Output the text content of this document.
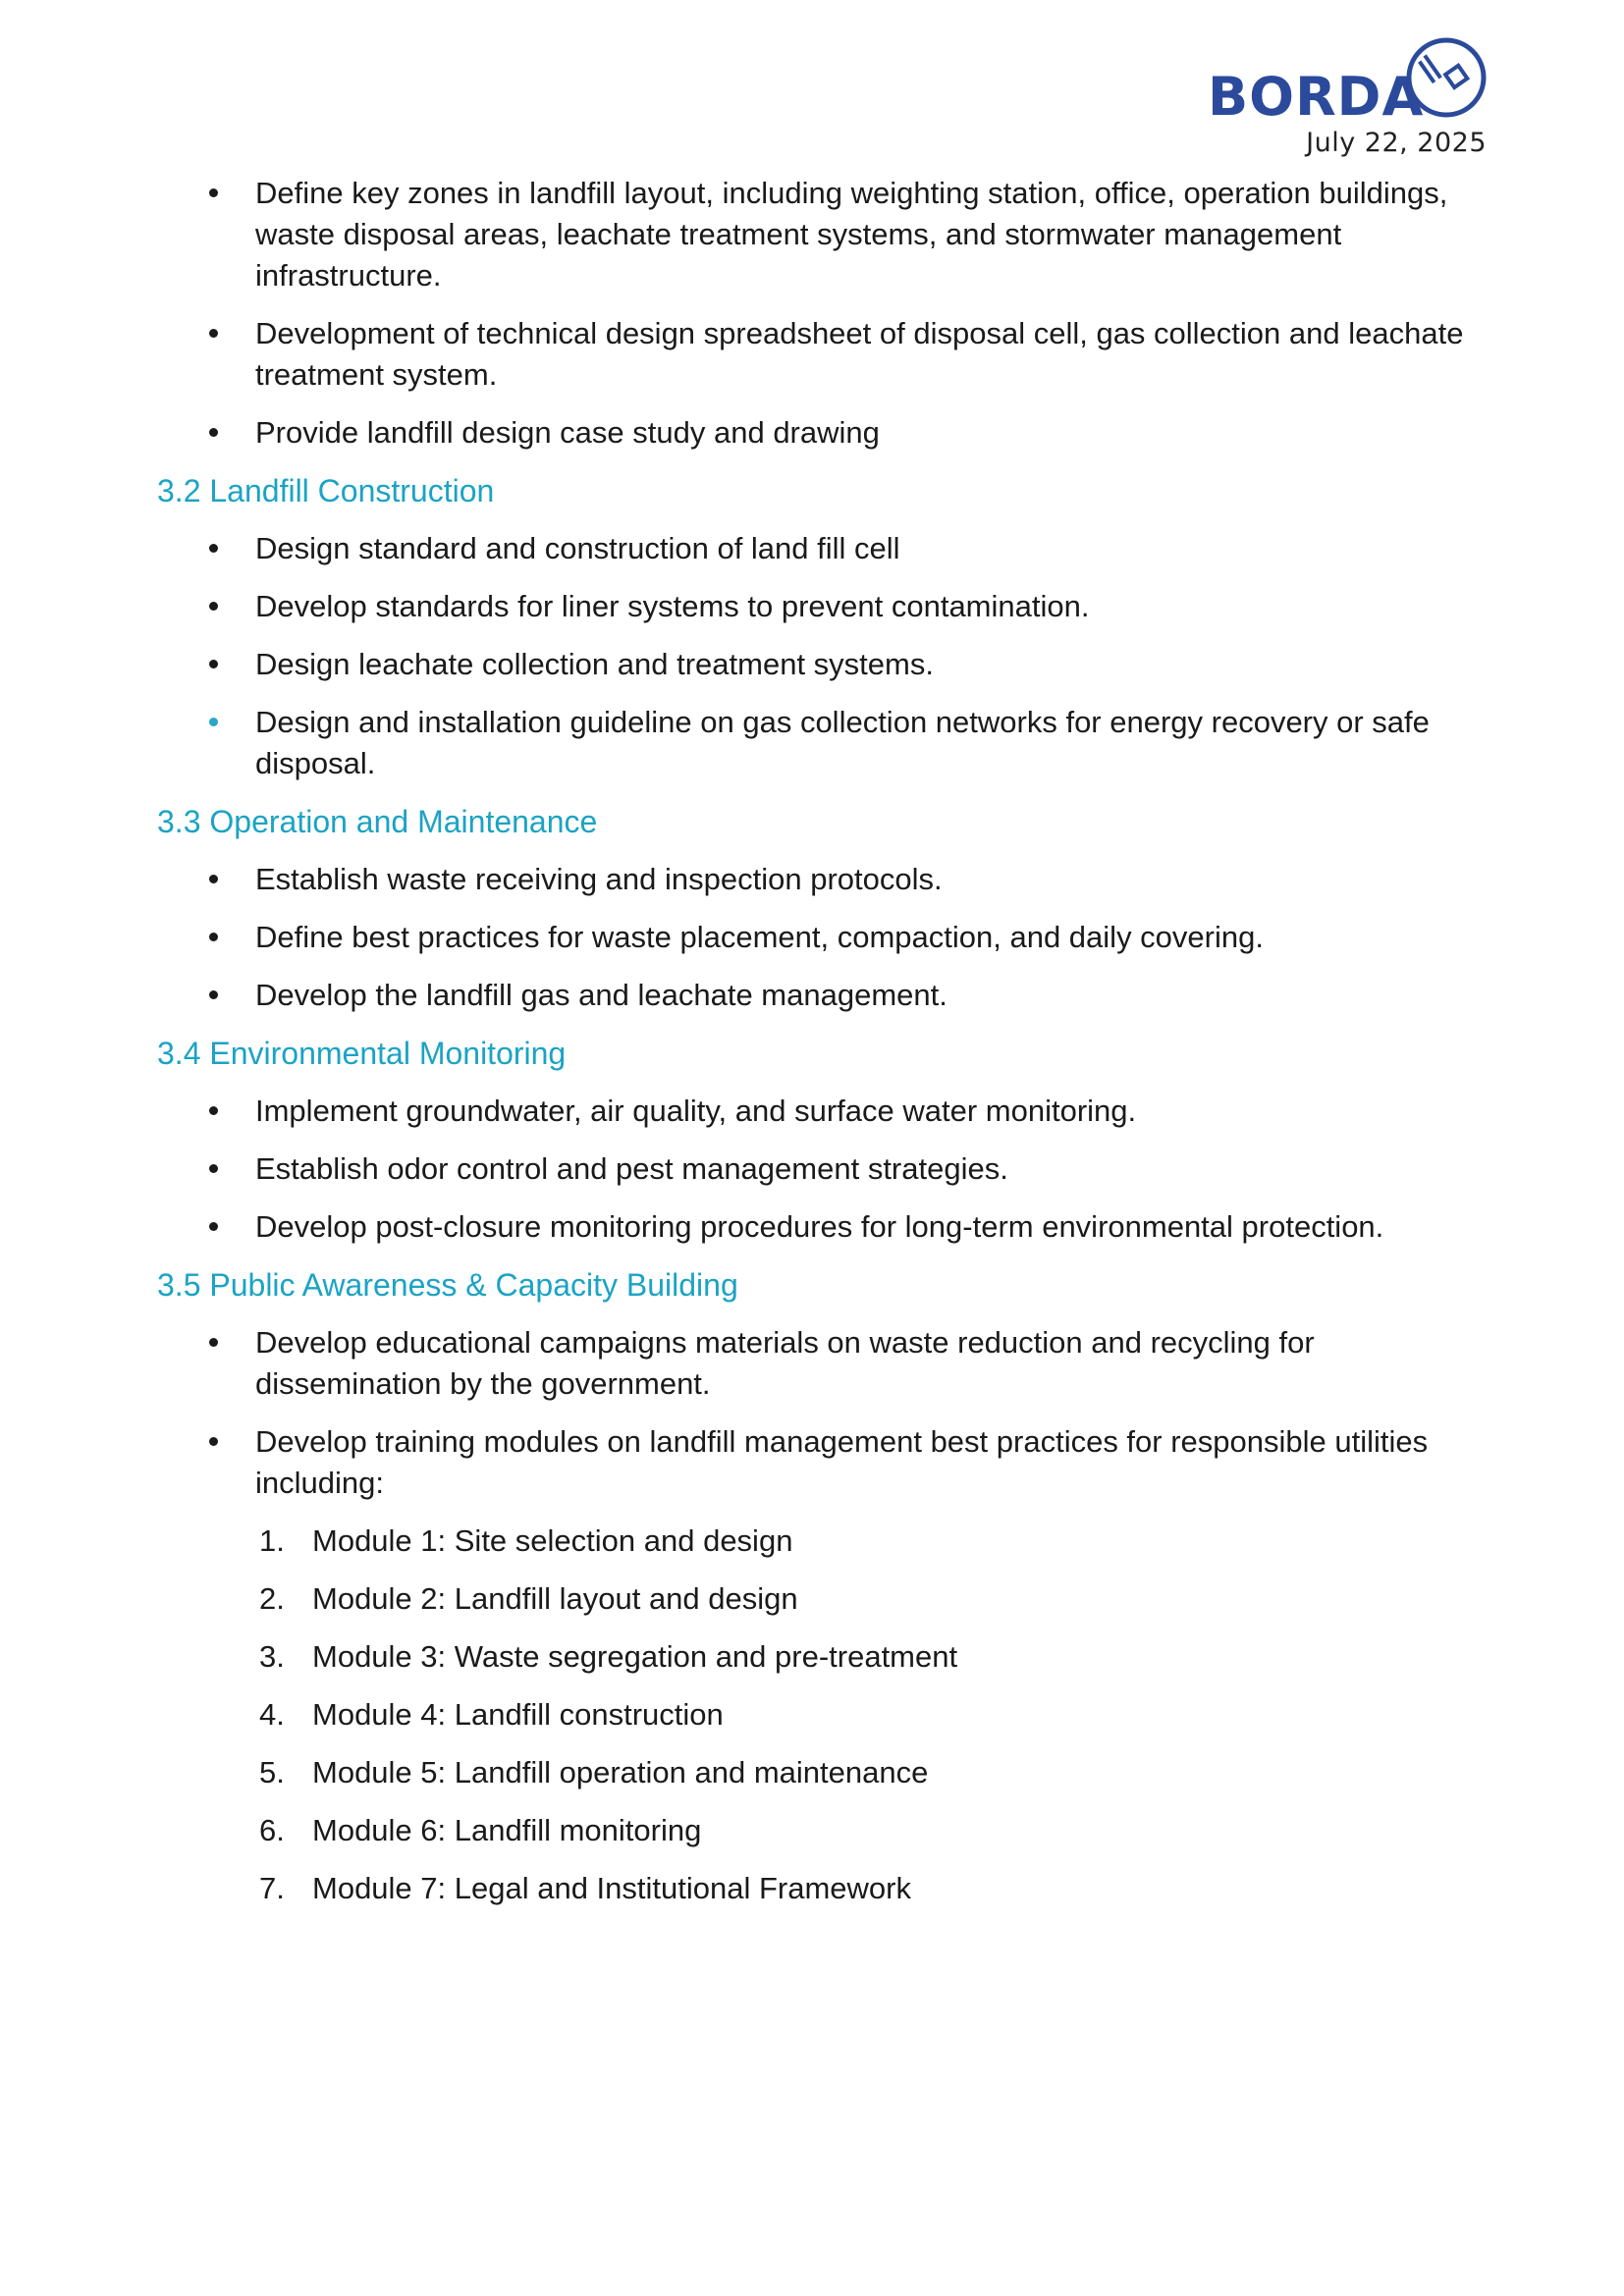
BORDA
July 22, 2025
Define key zones in landfill layout, including weighting station, office, operation buildings, waste disposal areas, leachate treatment systems, and stormwater management infrastructure.
Development of technical design spreadsheet of disposal cell, gas collection and leachate treatment system.
Provide landfill design case study and drawing
3.2 Landfill Construction
Design standard and construction of land fill cell
Develop standards for liner systems to prevent contamination.
Design leachate collection and treatment systems.
Design and installation guideline on gas collection networks for energy recovery or safe disposal.
3.3 Operation and Maintenance
Establish waste receiving and inspection protocols.
Define best practices for waste placement, compaction, and daily covering.
Develop the landfill gas and leachate management.
3.4 Environmental Monitoring
Implement groundwater, air quality, and surface water monitoring.
Establish odor control and pest management strategies.
Develop post-closure monitoring procedures for long-term environmental protection.
3.5 Public Awareness & Capacity Building
Develop educational campaigns materials on waste reduction and recycling for dissemination by the government.
Develop training modules on landfill management best practices for responsible utilities including:
1. Module 1: Site selection and design
2. Module 2: Landfill layout and design
3. Module 3: Waste segregation and pre-treatment
4. Module 4: Landfill construction
5. Module 5: Landfill operation and maintenance
6. Module 6: Landfill monitoring
7. Module 7: Legal and Institutional Framework
